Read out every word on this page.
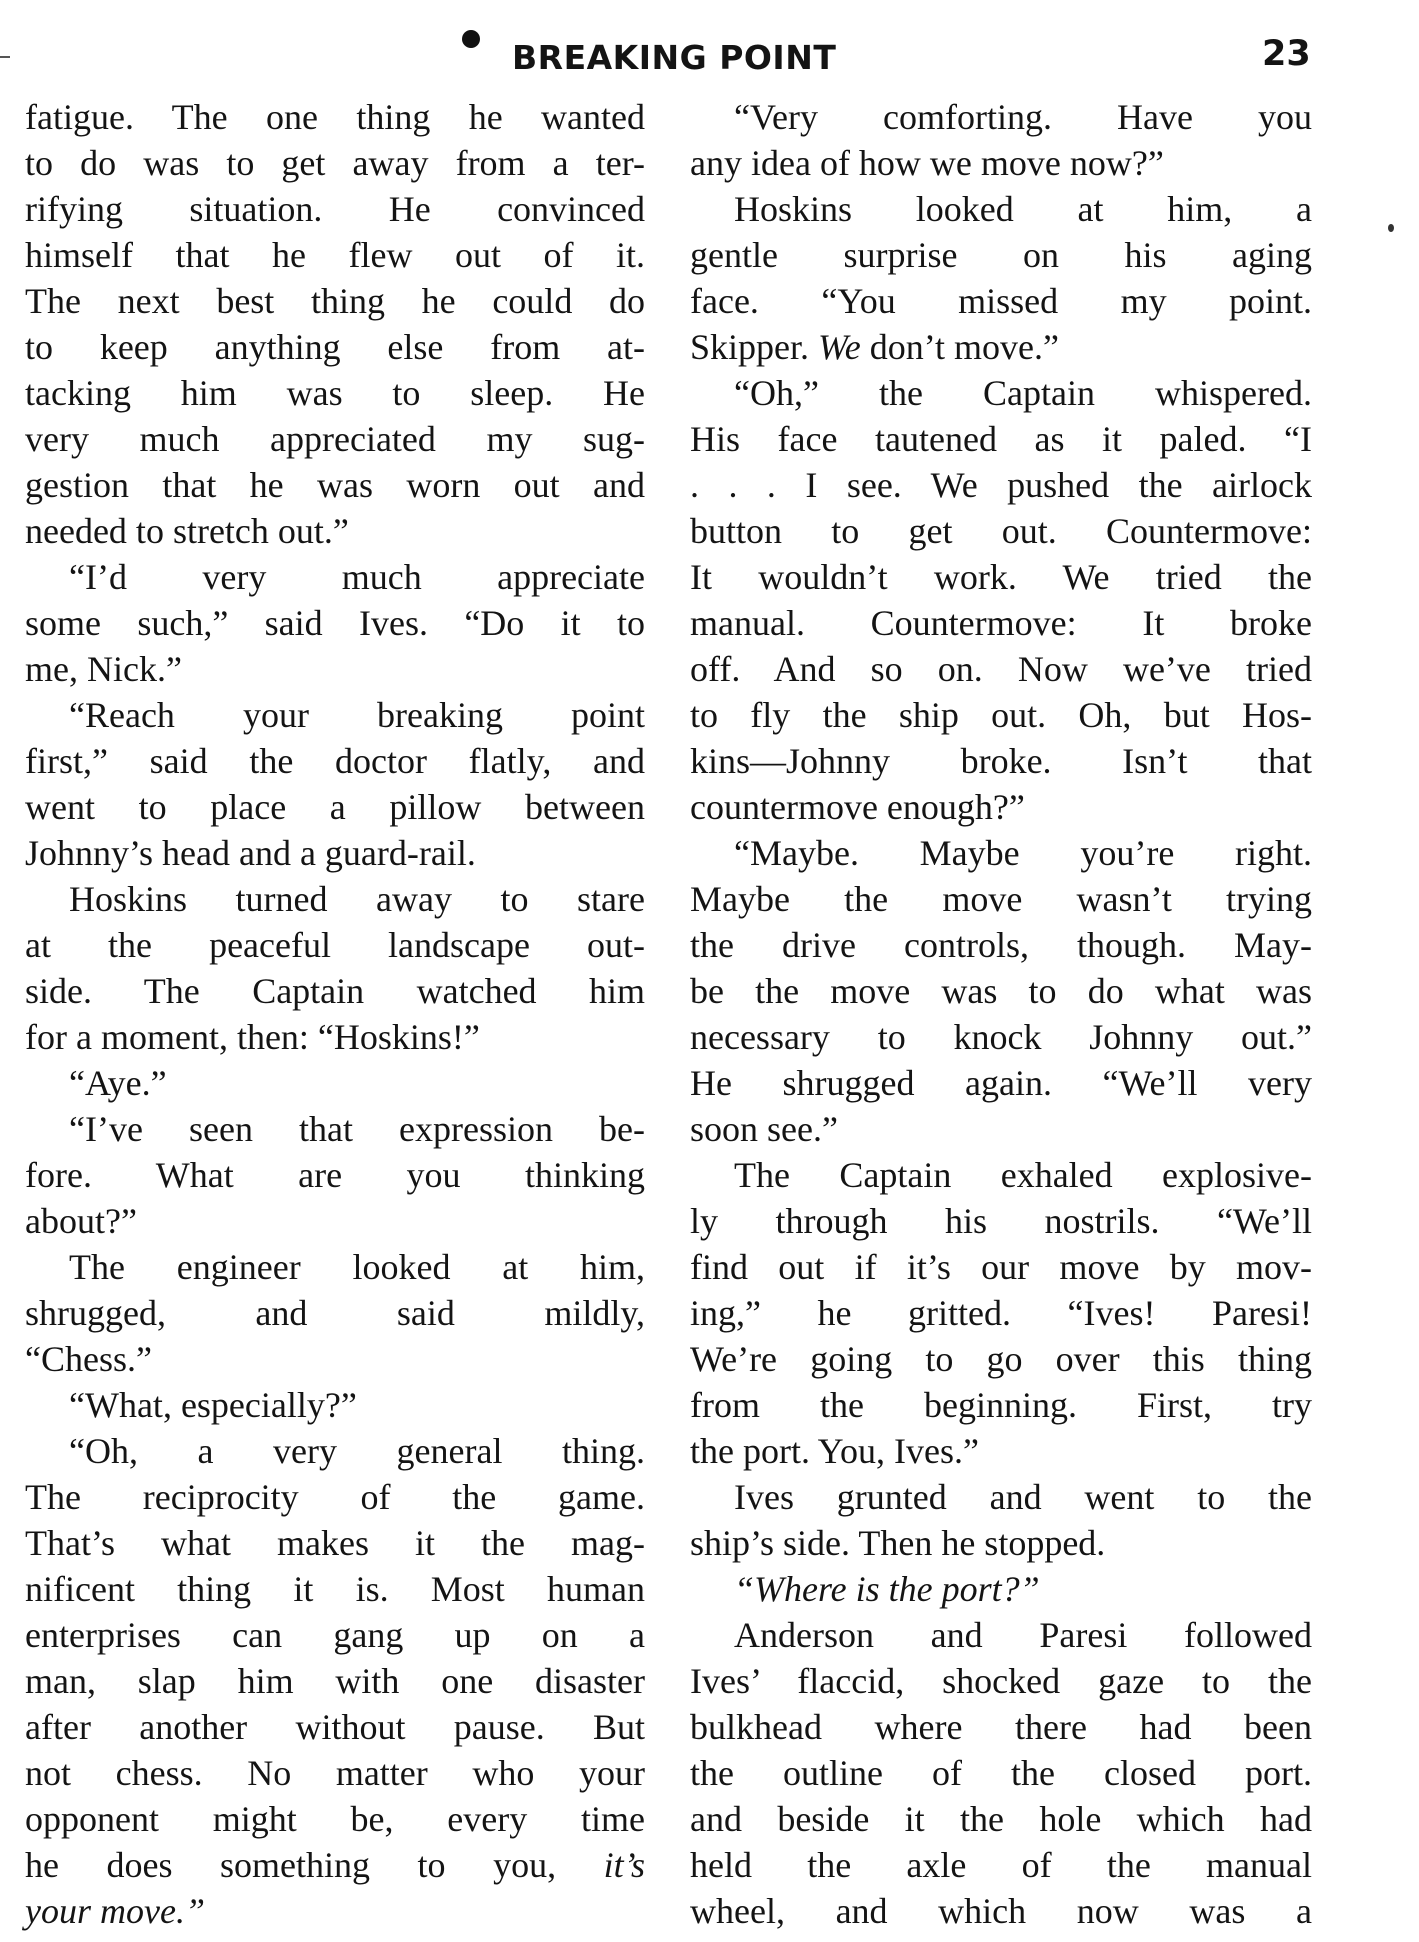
BREAKING POINT	23
fatigue. The one thing he wanted
to do was to get away from a ter-
rifying situation. He convinced
himself that he flew out of it.
The next best thing he could do
to keep anything else from at-
tacking him was to sleep. He
very much appreciated my sug-
gestion that he was worn out and
needed to stretch out.”
“I’d very much appreciate
some such,” said Ives. “Do it to
me, Nick.”
“Reach your breaking point
first,” said the doctor flatly, and
went to place a pillow between
Johnny’s head and a guard-rail.
Hoskins turned away to stare
at the peaceful landscape out-
side. The Captain watched him
for a moment, then: “Hoskins!”
“Aye.”
“I’ve seen that expression be-
fore. What are you thinking
about?”
The engineer looked at him,
shrugged, and said mildly,
“Chess.”
“What, especially?”
“Oh, a very general thing.
The reciprocity of the game.
That’s what makes it the mag-
nificent thing it is. Most human
enterprises can gang up on a
man, slap him with one disaster
after another without pause. But
not chess. No matter who your
opponent might be, every time
he does something to you, it’s
your move.”
“Very comforting. Have you
any idea of how we move now?”
Hoskins looked at him, a
gentle surprise on his aging
face. “You missed my point.
Skipper. We don’t move.”
“Oh,” the Captain whispered.
His face tautened as it paled. “I
. . . I see. We pushed the airlock
button to get out. Countermove:
It wouldn’t work. We tried the
manual. Countermove: It broke
off. And so on. Now we’ve tried
to fly the ship out. Oh, but Hos-
kins—Johnny broke. Isn’t that
countermove enough?”
“Maybe. Maybe you’re right.
Maybe the move wasn’t trying
the drive controls, though. May-
be the move was to do what was
necessary to knock Johnny out.”
He shrugged again. “We’ll very
soon see.”
The Captain exhaled explosive-
ly through his nostrils. “We’ll
find out if it’s our move by mov-
ing,” he gritted. “Ives! Paresi!
We’re going to go over this thing
from the beginning. First, try
the port. You, Ives.”
Ives grunted and went to the
ship’s side. Then he stopped.
“Where is the port?”
Anderson and Paresi followed
Ives’ flaccid, shocked gaze to the
bulkhead where there had been
the outline of the closed port.
and beside it the hole which had
held the axle of the manual
wheel, and which now was a
